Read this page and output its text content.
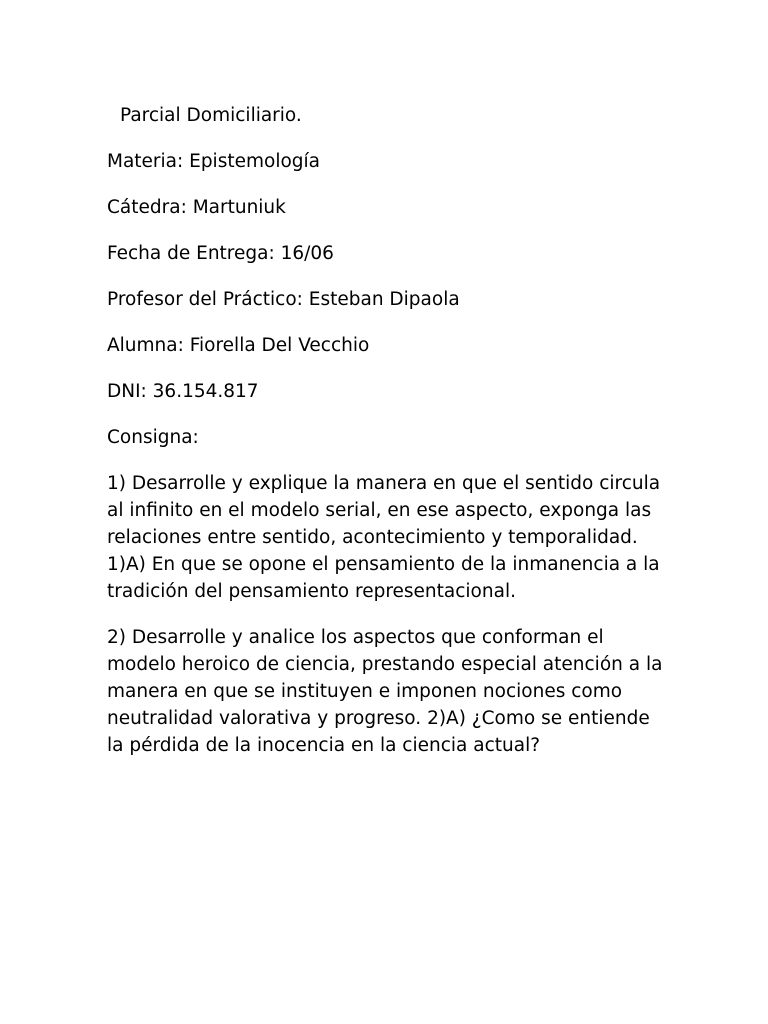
Parcial Domiciliario.

Materia: Epistemología

Cátedra: Martuniuk

Fecha de Entrega: 16/06

Profesor del Práctico: Esteban Dipaola

Alumna: Fiorella Del Vecchio

DNI: 36.154.817

Consigna:

1) Desarrolle y explique la manera en que el sentido circula al infinito en el modelo serial, en ese aspecto, exponga las relaciones entre sentido, acontecimiento y temporalidad. 1)A) En que se opone el pensamiento de la inmanencia a la tradición del pensamiento representacional.

2) Desarrolle y analice los aspectos que conforman el modelo heroico de ciencia, prestando especial atención a la manera en que se instituyen e imponen nociones como neutralidad valorativa y progreso. 2)A) ¿Como se entiende la pérdida de la inocencia en la ciencia actual?
